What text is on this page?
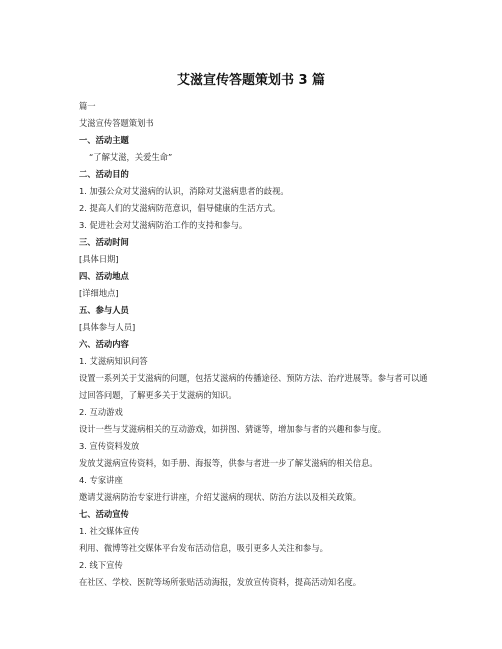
艾滋宣传答题策划书 3 篇
篇一
艾滋宣传答题策划书
一、活动主题
“了解艾滋，关爱生命”
二、活动目的
1. 加强公众对艾滋病的认识，消除对艾滋病患者的歧视。
2. 提高人们的艾滋病防范意识，倡导健康的生活方式。
3. 促进社会对艾滋病防治工作的支持和参与。
三、活动时间
[具体日期]
四、活动地点
[详细地点]
五、参与人员
[具体参与人员]
六、活动内容
1. 艾滋病知识问答
设置一系列关于艾滋病的问题，包括艾滋病的传播途径、预防方法、治疗进展等。参与者可以通过回答问题，了解更多关于艾滋病的知识。
2. 互动游戏
设计一些与艾滋病相关的互动游戏，如拼图、猜谜等，增加参与者的兴趣和参与度。
3. 宣传资料发放
发放艾滋病宣传资料，如手册、海报等，供参与者进一步了解艾滋病的相关信息。
4. 专家讲座
邀请艾滋病防治专家进行讲座，介绍艾滋病的现状、防治方法以及相关政策。
七、活动宣传
1. 社交媒体宣传
利用、微博等社交媒体平台发布活动信息，吸引更多人关注和参与。
2. 线下宣传
在社区、学校、医院等场所张贴活动海报，发放宣传资料，提高活动知名度。
